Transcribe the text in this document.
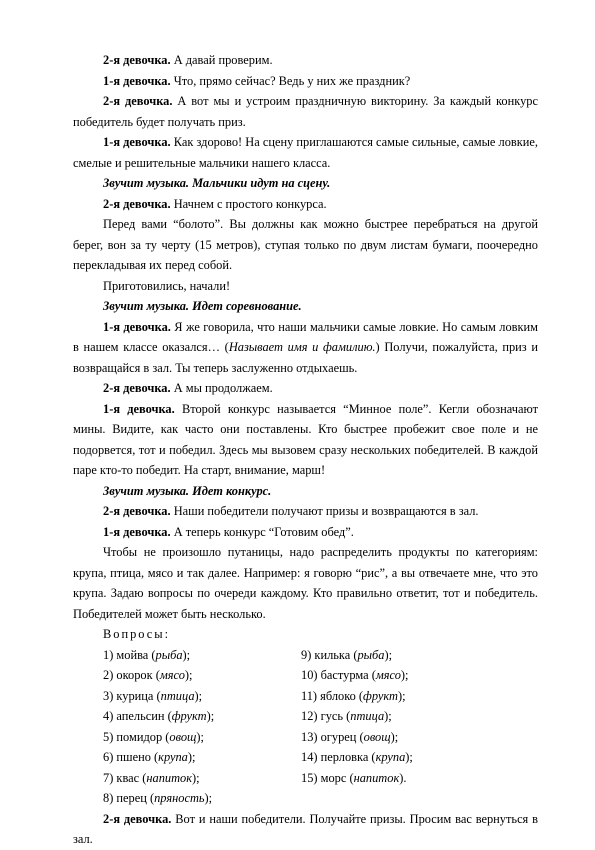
2-я девочка. А давай проверим.

1-я девочка. Что, прямо сейчас? Ведь у них же праздник?

2-я девочка. А вот мы и устроим праздничную викторину. За каждый конкурс победитель будет получать приз.

1-я девочка. Как здорово! На сцену приглашаются самые сильные, самые ловкие, смелые и решительные мальчики нашего класса.

Звучит музыка. Мальчики идут на сцену.

2-я девочка. Начнем с простого конкурса.

Перед вами “болото”. Вы должны как можно быстрее перебраться на другой берег, вон за ту черту (15 метров), ступая только по двум листам бумаги, поочередно перекладывая их перед собой.

Приготовились, начали!

Звучит музыка. Идет соревнование.

1-я девочка. Я же говорила, что наши мальчики самые ловкие. Но самым ловким в нашем классе оказался… (Называет имя и фамилию.) Получи, пожалуйста, приз и возвращайся в зал. Ты теперь заслуженно отдыхаешь.

2-я девочка. А мы продолжаем.

1-я девочка. Второй конкурс называется “Минное поле”. Кегли обозначают мины. Видите, как часто они поставлены. Кто быстрее пробежит свое поле и не подорвется, тот и победил. Здесь мы вызовем сразу нескольких победителей. В каждой паре кто-то победит. На старт, внимание, марш!

Звучит музыка. Идет конкурс.

2-я девочка. Наши победители получают призы и возвращаются в зал.

1-я девочка. А теперь конкурс “Готовим обед”.

Чтобы не произошло путаницы, надо распределить продукты по категориям: крупа, птица, мясо и так далее. Например: я говорю “рис”, а вы отвечаете мне, что это крупа. Задаю вопросы по очереди каждому. Кто правильно ответит, тот и победитель. Победителей может быть несколько.

Вопросы:

1) мойва (рыба);
2) окорок (мясо);
3) курица (птица);
4) апельсин (фрукт);
5) помидор (овощ);
6) пшено (крупа);
7) квас (напиток);
8) перец (пряность);
9) килька (рыба);
10) бастурма (мясо);
11) яблоко (фрукт);
12) гусь (птица);
13) огурец (овощ);
14) перловка (крупа);
15) морс (напиток).

2-я девочка. Вот и наши победители. Получайте призы. Просим вас вернуться в зал.
